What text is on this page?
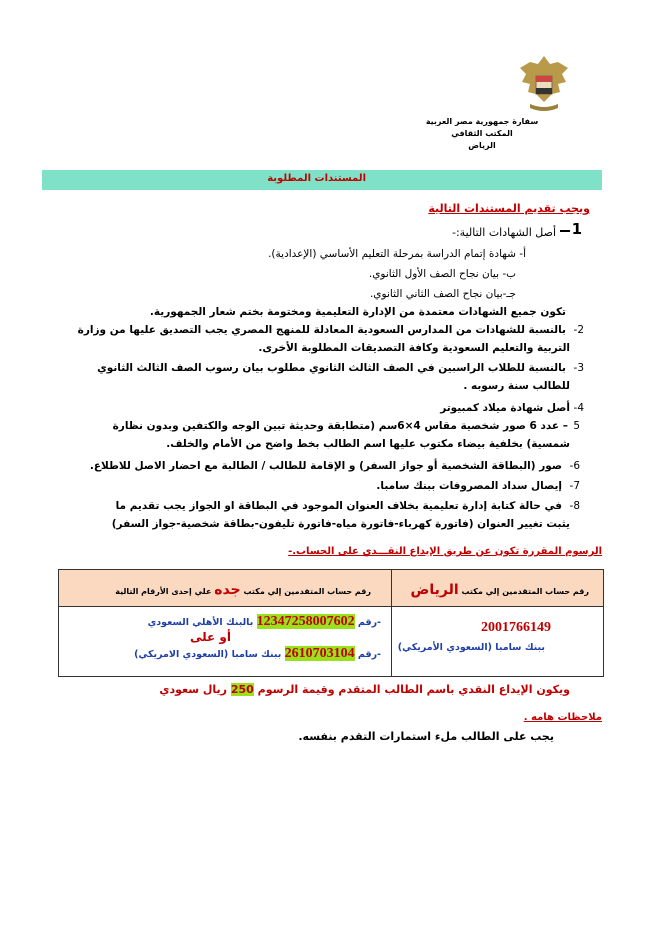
سفارة جمهورية مصر العربية
المكتب الثقافي
الرياض
المستندات المطلوبة
ويجب تقديم المستندات التالية
1
أصل الشهادات التالية:-
أ- شهادة إتمام الدراسة بمرحلة التعليم الأساسي (الإعدادية).
ب- بيان نجاح الصف الأول الثانوي.
جـ-بيان نجاح الصف الثاني الثانوي.
تكون جميع الشهادات معتمدة من الإدارة التعليمية ومختومة بختم شعار الجمهورية.
2-
بالنسبة للشهادات من المدارس السعودية المعادلة للمنهج المصري يجب التصديق عليها من وزارة
التربية والتعليم السعودية وكافة التصديقات المطلوبة الأخرى.
3-
بالنسبة للطلاب الراسبين في الصف الثالث الثانوي مطلوب بيان رسوب الصف الثالث الثانوي
للطالب سنة رسوبه .
4-
أصل شهادة ميلاد كمبيوتر
5
– عدد 6 صور شخصية مقاس 4×6سم (متطابقة وحديثة تبين الوجه والكتفين وبدون نظارة
شمسية) بخلفية بيضاء مكتوب عليها اسم الطالب بخط واضح من الأمام والخلف.
6-
صور (البطاقة الشخصية أو جواز السفر) و الإقامة للطالب / الطالبة مع احضار الاصل للاطلاع.
7-
إيصال سداد المصروفات ببنك سامبا.
8-
في حالة كتابة إدارة تعليمية بخلاف العنوان الموجود في البطاقة او الجواز يجب تقديم ما
يثبت تغيير العنوان (فاتورة كهرباء-فاتورة مياه-فاتورة تليفون-بطاقة شخصية-جواز السفر)
الرسوم المقررة تكون عن طريق الإيداع النقـــدي على الحساب.-
رقم حساب المتقدمين إلي مكتب الرياض
رقم حساب المتقدمين إلي مكتب جده علي إحدى الأرقام التالية
2001766149
ببنك سامبا (السعودي الأمريكي)
-رقم 12347258007602 بالبنك الأهلي السعودي
أو على
-رقم 2610703104 ببنك سامبا (السعودي الامريكي)
ويكون الإيداع النقدي باسم الطالب المتقدم وقيمة الرسوم 250 ريال سعودي
ملاحظات هامه .
يجب على الطالب ملء استمارات التقدم بنفسه.
